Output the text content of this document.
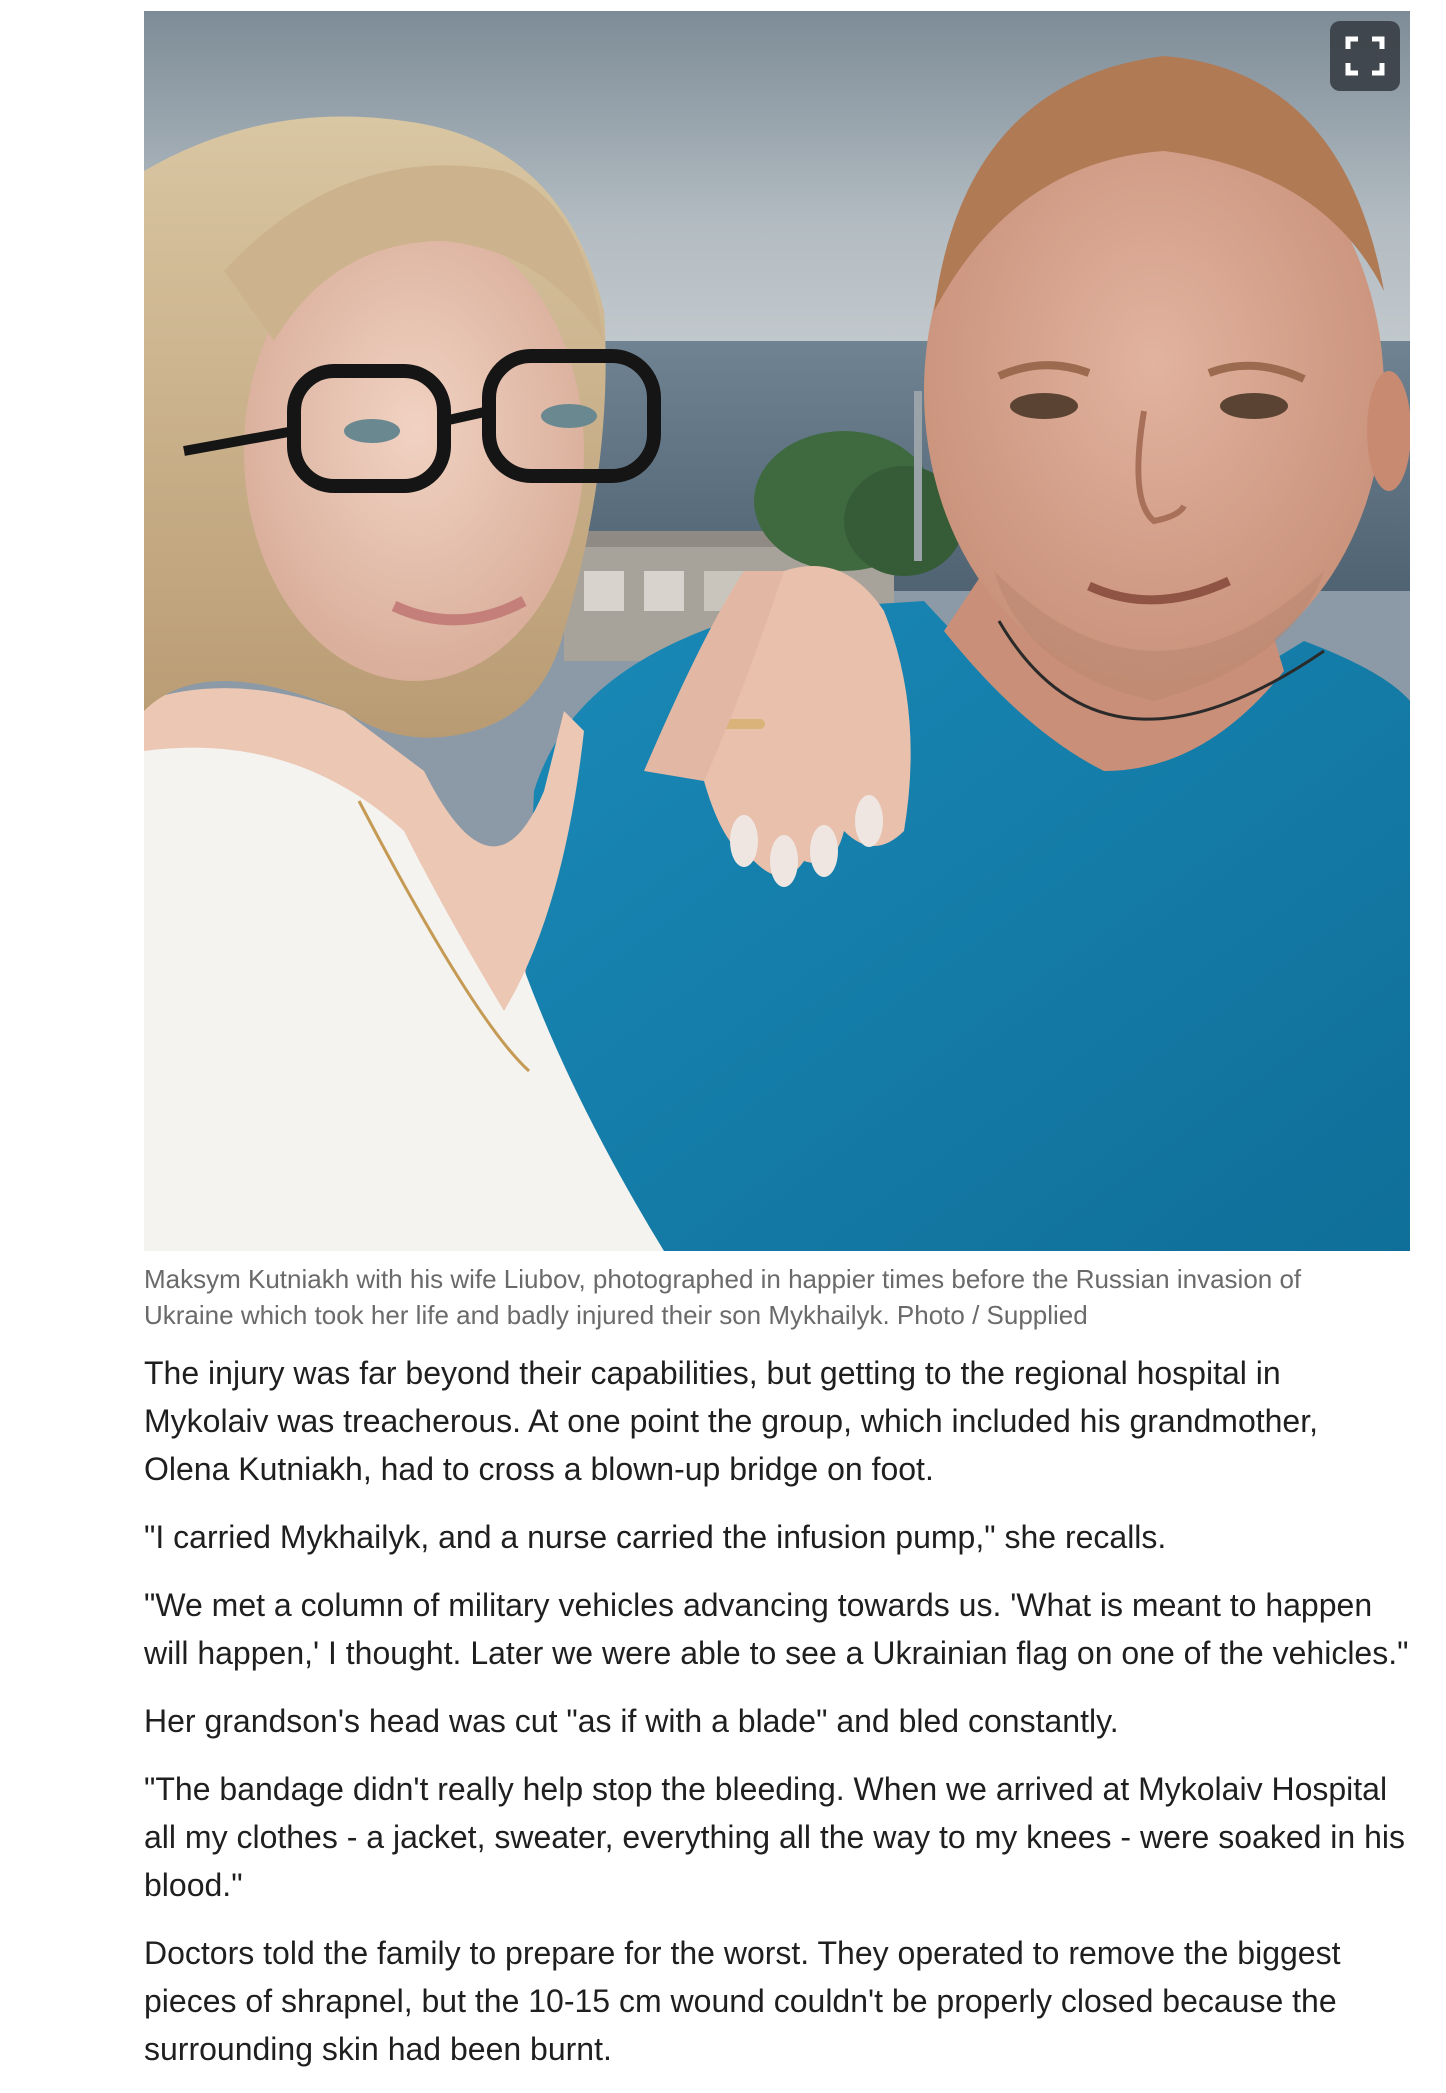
Maksym Kutniakh with his wife Liubov, photographed in happier times before the Russian invasion of Ukraine which took her life and badly injured their son Mykhailyk. Photo / Supplied

The injury was far beyond their capabilities, but getting to the regional hospital in Mykolaiv was treacherous. At one point the group, which included his grandmother, Olena Kutniakh, had to cross a blown-up bridge on foot.

"I carried Mykhailyk, and a nurse carried the infusion pump," she recalls.

"We met a column of military vehicles advancing towards us. 'What is meant to happen will happen,' I thought. Later we were able to see a Ukrainian flag on one of the vehicles."

Her grandson's head was cut "as if with a blade" and bled constantly.

"The bandage didn't really help stop the bleeding. When we arrived at Mykolaiv Hospital all my clothes - a jacket, sweater, everything all the way to my knees - were soaked in his blood."

Doctors told the family to prepare for the worst. They operated to remove the biggest pieces of shrapnel, but the 10-15 cm wound couldn't be properly closed because the surrounding skin had been burnt.
